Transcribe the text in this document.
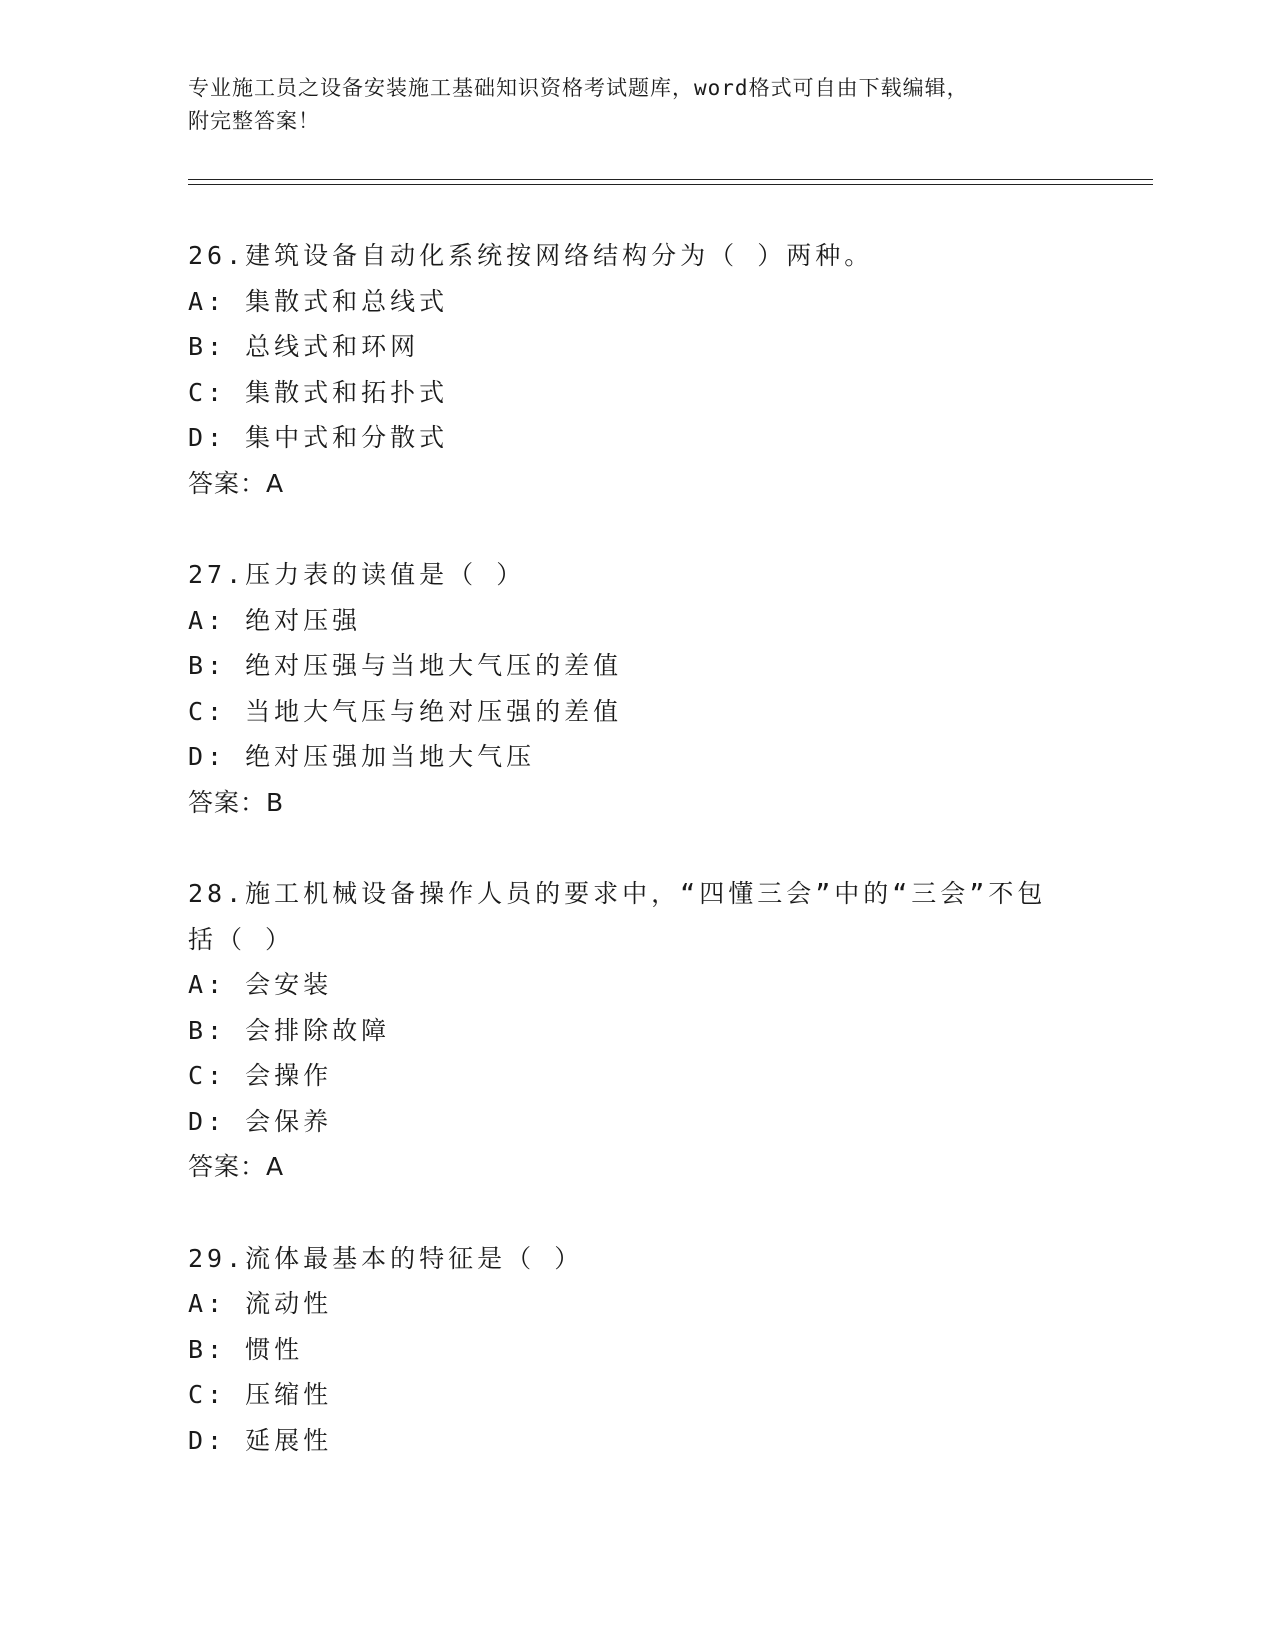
专业施工员之设备安装施工基础知识资格考试题库，word格式可自由下载编辑，
附完整答案！
26.建筑设备自动化系统按网络结构分为（ ）两种。
A: 集散式和总线式
B: 总线式和环网
C: 集散式和拓扑式
D: 集中式和分散式
答案：A
27.压力表的读值是（ ）
A: 绝对压强
B: 绝对压强与当地大气压的差值
C: 当地大气压与绝对压强的差值
D: 绝对压强加当地大气压
答案：B
28.施工机械设备操作人员的要求中，“四懂三会”中的“三会”不包括（ ）
A: 会安装
B: 会排除故障
C: 会操作
D: 会保养
答案：A
29.流体最基本的特征是（ ）
A: 流动性
B: 惯性
C: 压缩性
D: 延展性
